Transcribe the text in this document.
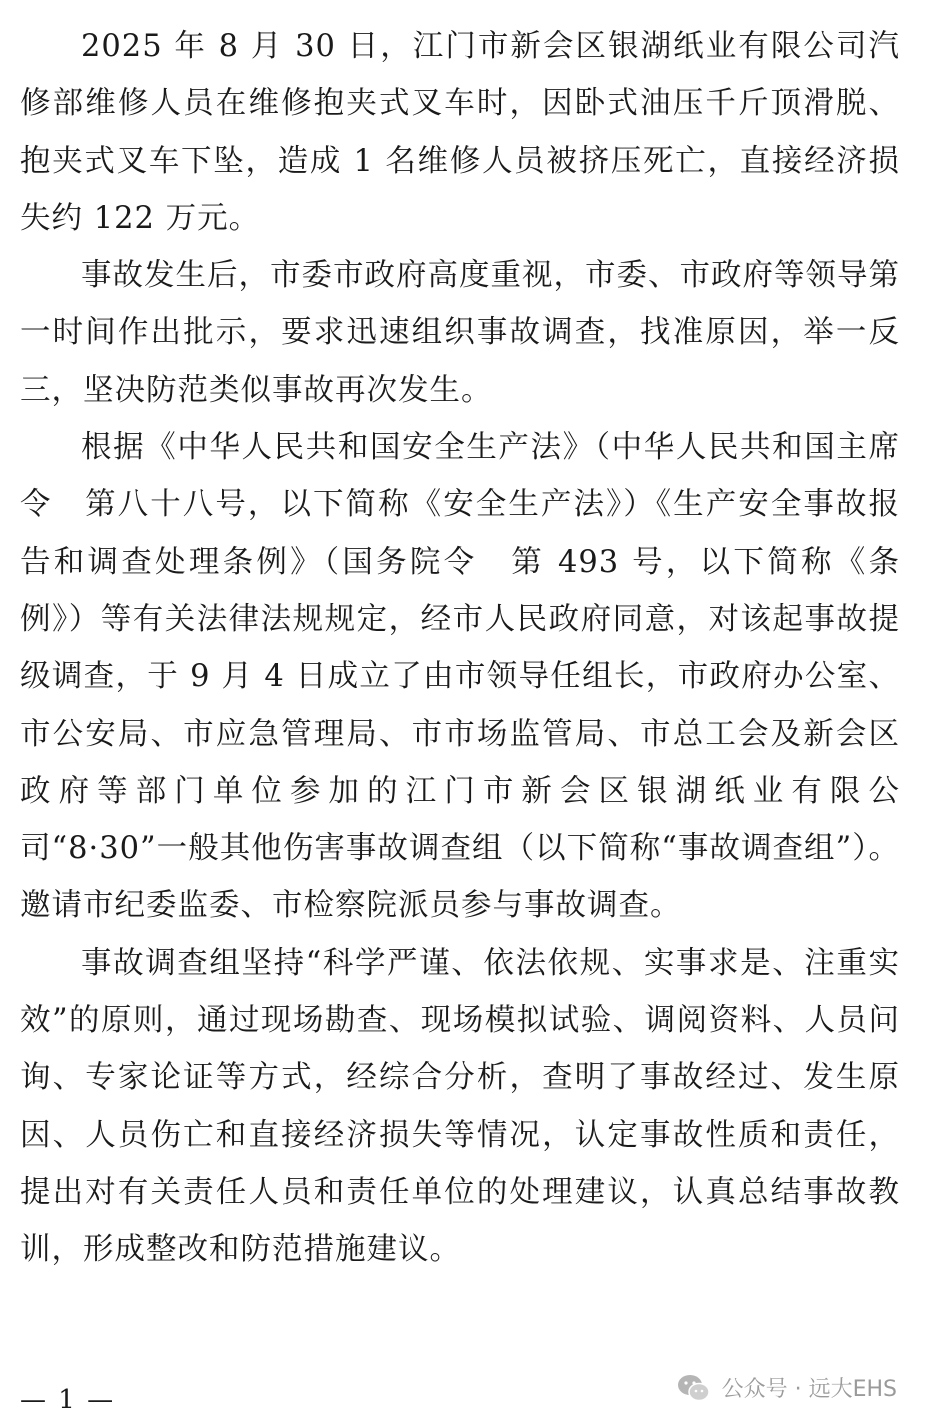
2025 年 8 月 30 日，江门市新会区银湖纸业有限公司汽修部维修人员在维修抱夹式叉车时，因卧式油压千斤顶滑脱、抱夹式叉车下坠，造成 1 名维修人员被挤压死亡，直接经济损失约 122 万元。

事故发生后，市委市政府高度重视，市委、市政府等领导第一时间作出批示，要求迅速组织事故调查，找准原因，举一反三，坚决防范类似事故再次发生。

根据《中华人民共和国安全生产法》（中华人民共和国主席令　第八十八号，以下简称《安全生产法》）《生产安全事故报告和调查处理条例》（国务院令　第 493 号，以下简称《条例》）等有关法律法规规定，经市人民政府同意，对该起事故提级调查，于 9 月 4 日成立了由市领导任组长，市政府办公室、市公安局、市应急管理局、市市场监管局、市总工会及新会区政府等部门单位参加的江门市新会区银湖纸业有限公司“8·30”一般其他伤害事故调查组（以下简称“事故调查组”）。邀请市纪委监委、市检察院派员参与事故调查。

事故调查组坚持“科学严谨、依法依规、实事求是、注重实效”的原则，通过现场勘查、现场模拟试验、调阅资料、人员问询、专家论证等方式，经综合分析，查明了事故经过、发生原因、人员伤亡和直接经济损失等情况，认定事故性质和责任，提出对有关责任人员和责任单位的处理建议，认真总结事故教训，形成整改和防范措施建议。

— 1 —	公众号 · 远大EHS
